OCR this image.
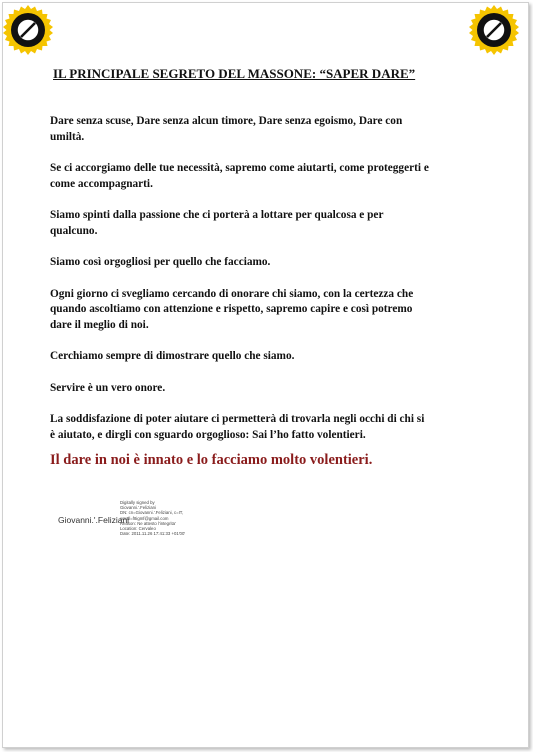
IL PRINCIPALE SEGRETO DEL MASSONE: “SAPER DARE”

Dare senza scuse, Dare senza alcun timore, Dare senza egoismo, Dare con umiltà.

Se ci accorgiamo delle tue necessità, sapremo come aiutarti, come proteggerti e come accompagnarti.

Siamo spinti dalla passione che ci porterà a lottare per qualcosa e per qualcuno.

Siamo così orgogliosi per quello che facciamo.

Ogni giorno ci svegliamo cercando di onorare chi siamo, con la certezza che quando ascoltiamo con attenzione e rispetto, sapremo capire e così potremo dare il meglio di noi.

Cerchiamo sempre di dimostrare quello che siamo.

Servire è un vero onore.

La soddisfazione di poter aiutare ci permetterà di trovarla negli occhi di chi si è aiutato, e dirgli con sguardo orgoglioso: Sai l’ho fatto volentieri.

Il dare in noi è innato e lo facciamo molto volentieri.

Giovanni.'.Feliziani
Digitally signed by
Giovanni.'.Feliziani
DN: cn=Giovanni.'.Feliziani, c=IT,
email=f8igmf@gmail.com
Reason: Ne attesto l'integrita'
Location: Cervaleo
Date: 2011.11.26 17:41:33 +01'00'
